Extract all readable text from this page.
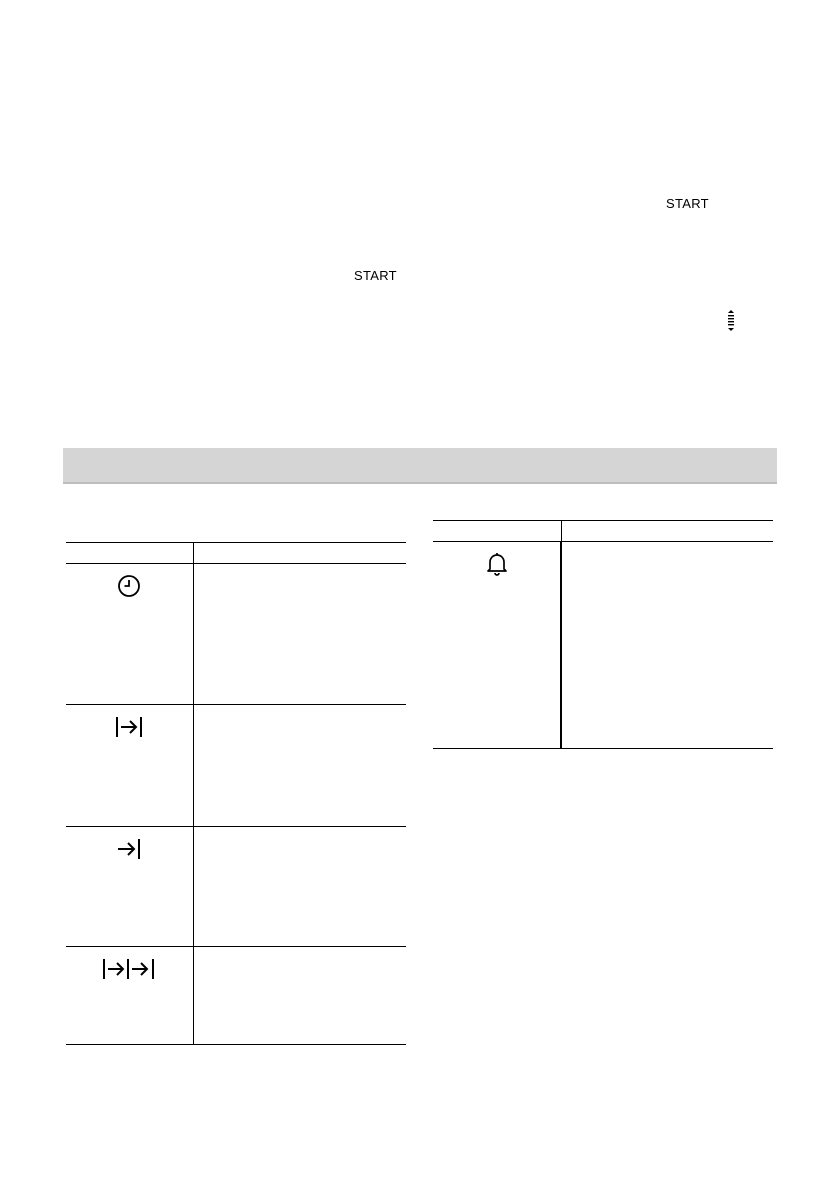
START
START
